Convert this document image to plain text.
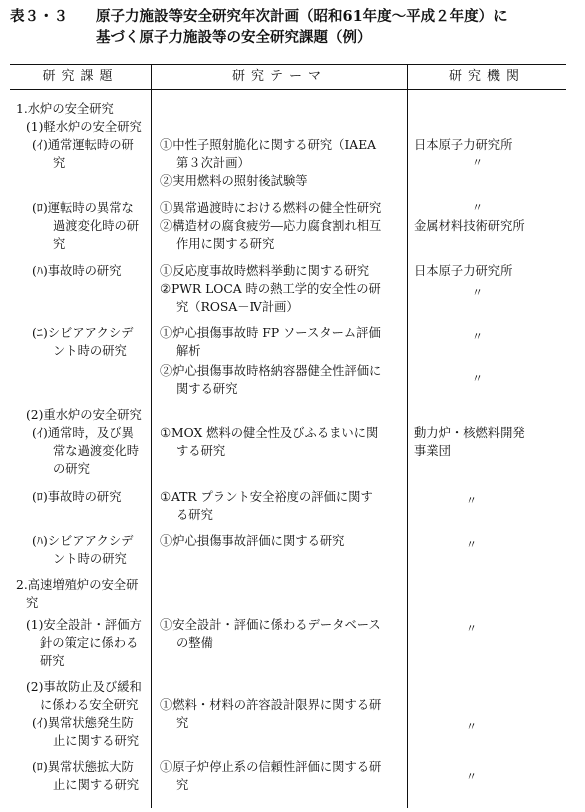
表３・３ 原子力施設等安全研究年次計画（昭和61年度～平成２年度）に
基づく原子力施設等の安全研究課題（例）
研究課題	研究テーマ	研究機関
1.水炉の安全研究
(1)軽水炉の安全研究
(ｲ)通常運転時の研
究
(ﾛ)運転時の異常な
過渡変化時の研
究
(ﾊ)事故時の研究
(ﾆ)シビアアクシデ
ント時の研究
(2)重水炉の安全研究
(ｲ)通常時，及び異
常な過渡変化時
の研究
(ﾛ)事故時の研究
(ﾊ)シビアアクシデ
ント時の研究
2.高速増殖炉の安全研
究
(1)安全設計・評価方
針の策定に係わる
研究
(2)事故防止及び緩和
に係わる安全研究
(ｲ)異常状態発生防
止に関する研究
(ﾛ)異常状態拡大防
止に関する研究
①中性子照射脆化に関する研究（IAEA
第３次計画）
②実用燃料の照射後試験等
①異常過渡時における燃料の健全性研究
②構造材の腐食疲労―応力腐食割れ相互
作用に関する研究
①反応度事故時燃料挙動に関する研究
②PWR LOCA 時の熱工学的安全性の研
究（ROSA－Ⅳ計画）
①炉心損傷事故時 FP ソースターム評価
解析
②炉心損傷事故時格納容器健全性評価に
関する研究
①MOX 燃料の健全性及びふるまいに関
する研究
①ATR プラント安全裕度の評価に関す
る研究
①炉心損傷事故評価に関する研究
①安全設計・評価に係わるデータベース
の整備
①燃料・材料の許容設計限界に関する研
究
①原子炉停止系の信頼性評価に関する研
究
日本原子力研究所
〃
〃
金属材料技術研究所
日本原子力研究所
〃
〃
〃
動力炉・核燃料開発
事業団
〃
〃
〃
〃
〃
